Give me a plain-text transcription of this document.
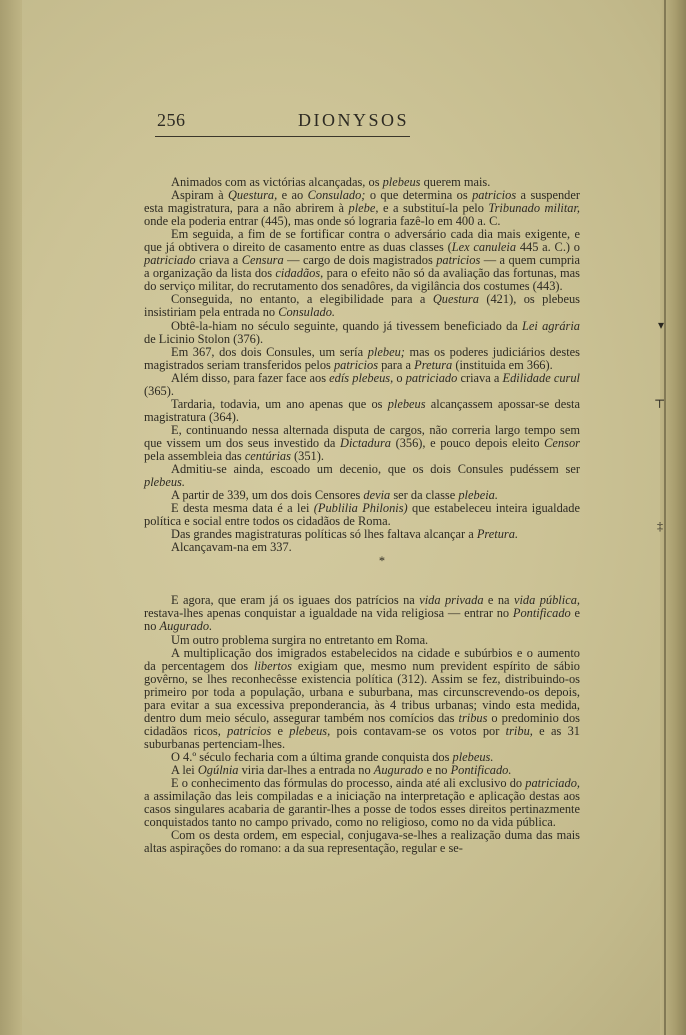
256	DIONYSOS

Animados com as victórias alcançadas, os plebeus querem mais.

Aspiram à Questura, e ao Consulado; o que determina os patricios a suspender esta magistratura, para a não abrirem à plebe, e a substituí-la pelo Tribunado militar, onde ela poderia entrar (445), mas onde só lograria fazê-lo em 400 a. C.

Em seguida, a fim de se fortificar contra o adversário cada dia mais exigente, e que já obtivera o direito de casamento entre as duas classes (Lex canuleia 445 a. C.) o patriciado criava a Censura — cargo de dois magistrados patricios — a quem cumpria a organização da lista dos cidadãos, para o efeito não só da avaliação das fortunas, mas do serviço militar, do recrutamento dos senadôres, da vigilância dos costumes (443).

Conseguida, no entanto, a elegibilidade para a Questura (421), os plebeus insistiriam pela entrada no Consulado.

Obtê-la-hiam no século seguinte, quando já tivessem beneficiado da Lei agrária de Licinio Stolon (376).

Em 367, dos dois Consules, um sería plebeu; mas os poderes judiciários destes magistrados seriam transferidos pelos patricios para a Pretura (instituida em 366).

Além disso, para fazer face aos edís plebeus, o patriciado criava a Edilidade curul (365).

Tardaria, todavia, um ano apenas que os plebeus alcançassem apossar-se desta magistratura (364).

E, continuando nessa alternada disputa de cargos, não correria largo tempo sem que vissem um dos seus investido da Dictadura (356), e pouco depois eleito Censor pela assembleia das centúrias (351).

Admitiu-se ainda, escoado um decenio, que os dois Consules pudéssem ser plebeus.

A partir de 339, um dos dois Censores devia ser da classe plebeia.

E desta mesma data é a lei (Publilia Philonis) que estabeleceu inteira igualdade política e social entre todos os cidadãos de Roma.

Das grandes magistraturas políticas só lhes faltava alcançar a Pretura.

Alcançavam-na em 337.

*

E agora, que eram já os iguaes dos patrícios na vida privada e na vida pública, restava-lhes apenas conquistar a igualdade na vida religiosa — entrar no Pontificado e no Augurado.

Um outro problema surgira no entretanto em Roma.

A multiplicação dos imigrados estabelecidos na cidade e subúrbios e o aumento da percentagem dos libertos exigiam que, mesmo num prevident espírito de sábio govêrno, se lhes reconhecêsse existencia política (312). Assim se fez, distribuindo-os primeiro por toda a população, urbana e suburbana, mas circunscrevendo-os depois, para evitar a sua excessiva preponderancia, às 4 tribus urbanas; vindo esta medida, dentro dum meio século, assegurar também nos comícios das tribus o predominio dos cidadãos ricos, patricios e plebeus, pois contavam-se os votos por tribu, e as 31 suburbanas pertenciam-lhes.

O 4.º século fecharia com a última grande conquista dos plebeus.

A lei Ogúlnia viria dar-lhes a entrada no Augurado e no Pontificado.

E o conhecimento das fórmulas do processo, ainda até ali exclusivo do patriciado, a assimilação das leis compiladas e a iniciação na interpretação e aplicação destas aos casos singulares acabaria de garantir-lhes a posse de todos esses direitos pertinazmente conquistados tanto no campo privado, como no religioso, como no da vida pública.

Com os desta ordem, em especial, conjugava-se-lhes a realização duma das mais altas aspirações do romano: a da sua representação, regular e se-

▾
⊤
‡
